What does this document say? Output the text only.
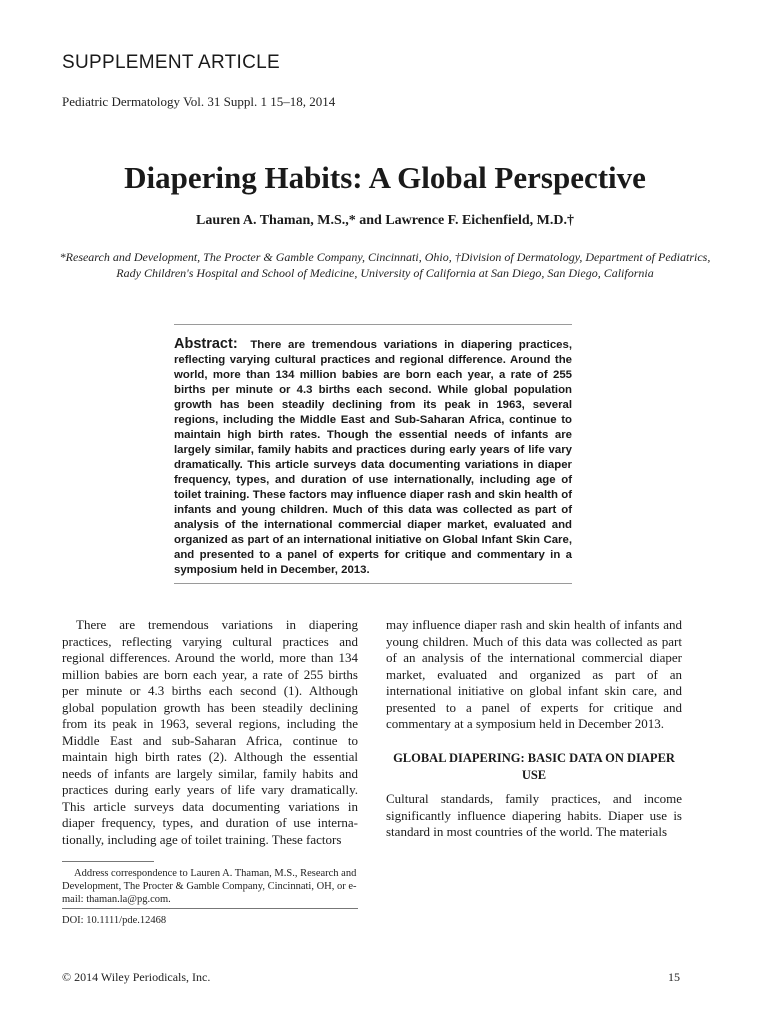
SUPPLEMENT ARTICLE
Pediatric Dermatology Vol. 31 Suppl. 1 15–18, 2014
Diapering Habits: A Global Perspective
Lauren A. Thaman, M.S.,* and Lawrence F. Eichenfield, M.D.†
*Research and Development, The Procter & Gamble Company, Cincinnati, Ohio, †Division of Dermatology, Department of Pediatrics, Rady Children's Hospital and School of Medicine, University of California at San Diego, San Diego, California
Abstract: There are tremendous variations in diapering practices, reflecting varying cultural practices and regional difference. Around the world, more than 134 million babies are born each year, a rate of 255 births per minute or 4.3 births each second. While global population growth has been steadily declining from its peak in 1963, several regions, including the Middle East and Sub-Saharan Africa, continue to maintain high birth rates. Though the essential needs of infants are largely similar, family habits and practices during early years of life vary dramatically. This article surveys data documenting variations in diaper frequency, types, and duration of use internationally, including age of toilet training. These factors may influence diaper rash and skin health of infants and young children. Much of this data was collected as part of analysis of the international commercial diaper market, evaluated and organized as part of an international initiative on Global Infant Skin Care, and presented to a panel of experts for critique and commentary in a symposium held in December, 2013.

There are tremendous variations in diapering practices, reflecting varying cultural practices and regional differences. Around the world, more than 134 million babies are born each year, a rate of 255 births per minute or 4.3 births each second (1). Although global population growth has been steadily declining from its peak in 1963, several regions, including the Middle East and sub-Saharan Africa, continue to maintain high birth rates (2). Although the essential needs of infants are largely similar, family habits and practices during early years of life vary dramatically. This article surveys data documenting variations in diaper frequency, types, and duration of use interna-tionally, including age of toilet training. These factors

may influence diaper rash and skin health of infants and young children. Much of this data was collected as part of an analysis of the international commercial diaper market, evaluated and organized as part of an international initiative on global infant skin care, and presented to a panel of experts for critique and commentary at a symposium held in December 2013.

GLOBAL DIAPERING: BASIC DATA ON DIAPER USE

Cultural standards, family practices, and income significantly influence diapering habits. Diaper use is standard in most countries of the world. The materials

Address correspondence to Lauren A. Thaman, M.S., Research and Development, The Procter & Gamble Company, Cincinnati, OH, or e-mail: thaman.la@pg.com.

DOI: 10.1111/pde.12468
© 2014 Wiley Periodicals, Inc.	15
